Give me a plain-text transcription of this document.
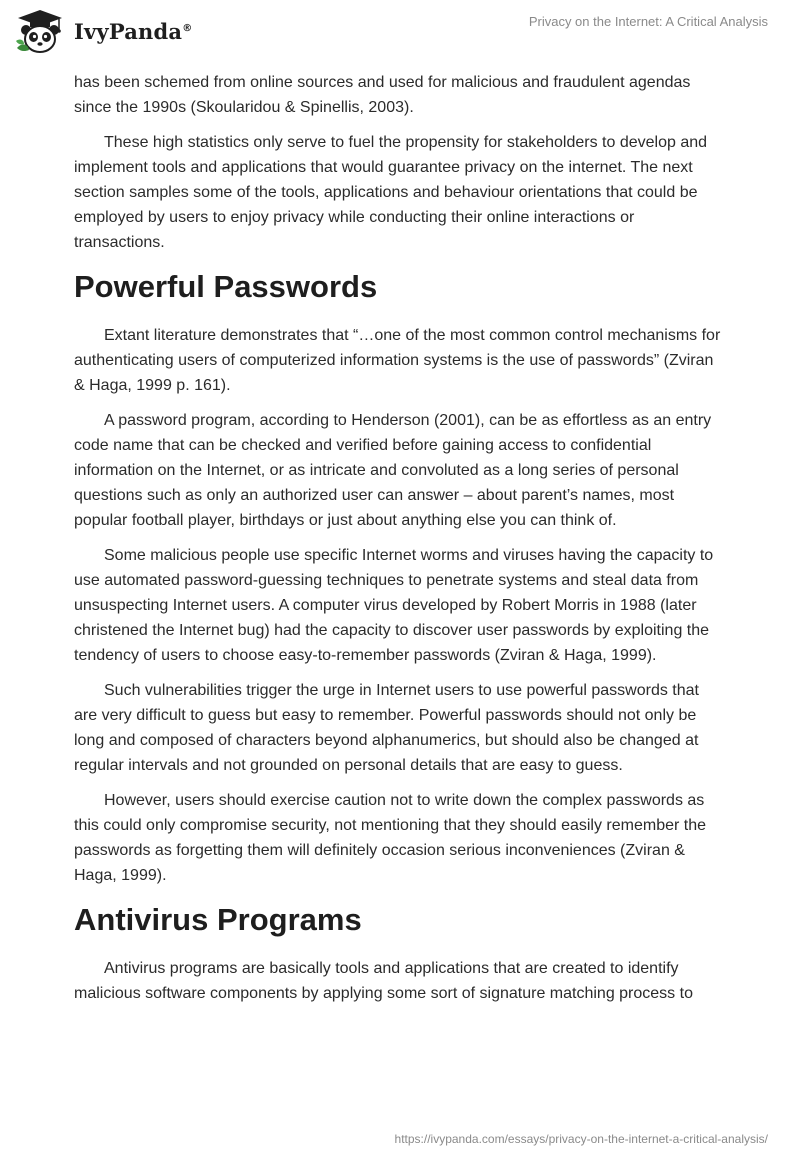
IvyPanda®	Privacy on the Internet: A Critical Analysis

has been schemed from online sources and used for malicious and fraudulent agendas since the 1990s (Skoularidou & Spinellis, 2003).

These high statistics only serve to fuel the propensity for stakeholders to develop and implement tools and applications that would guarantee privacy on the internet. The next section samples some of the tools, applications and behaviour orientations that could be employed by users to enjoy privacy while conducting their online interactions or transactions.

Powerful Passwords

Extant literature demonstrates that “…one of the most common control mechanisms for authenticating users of computerized information systems is the use of passwords” (Zviran & Haga, 1999 p. 161).

A password program, according to Henderson (2001), can be as effortless as an entry code name that can be checked and verified before gaining access to confidential information on the Internet, or as intricate and convoluted as a long series of personal questions such as only an authorized user can answer – about parent’s names, most popular football player, birthdays or just about anything else you can think of.

Some malicious people use specific Internet worms and viruses having the capacity to use automated password-guessing techniques to penetrate systems and steal data from unsuspecting Internet users. A computer virus developed by Robert Morris in 1988 (later christened the Internet bug) had the capacity to discover user passwords by exploiting the tendency of users to choose easy-to-remember passwords (Zviran & Haga, 1999).

Such vulnerabilities trigger the urge in Internet users to use powerful passwords that are very difficult to guess but easy to remember. Powerful passwords should not only be long and composed of characters beyond alphanumerics, but should also be changed at regular intervals and not grounded on personal details that are easy to guess.

However, users should exercise caution not to write down the complex passwords as this could only compromise security, not mentioning that they should easily remember the passwords as forgetting them will definitely occasion serious inconveniences (Zviran & Haga, 1999).

Antivirus Programs

Antivirus programs are basically tools and applications that are created to identify malicious software components by applying some sort of signature matching process to

https://ivypanda.com/essays/privacy-on-the-internet-a-critical-analysis/
